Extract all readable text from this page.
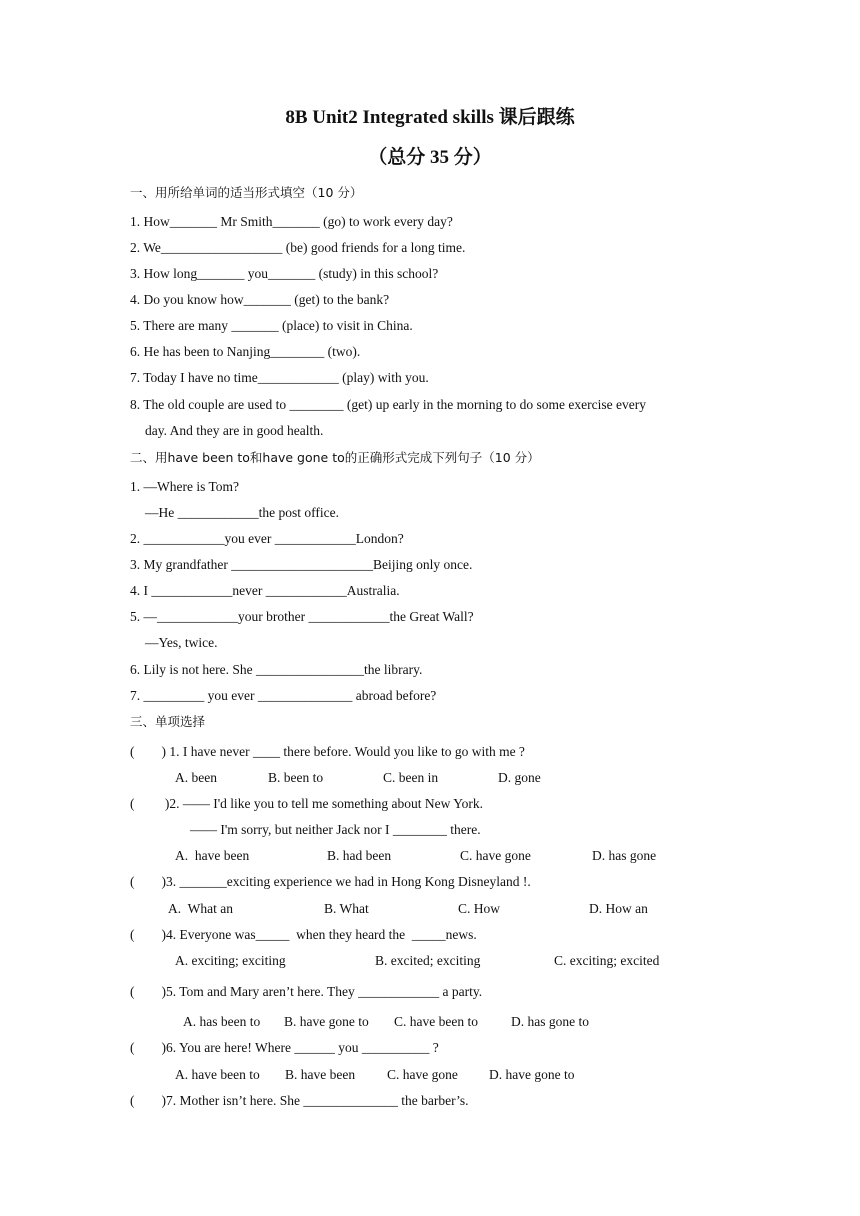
8B Unit2 Integrated skills 课后跟练
（总分 35 分）
一、用所给单词的适当形式填空（10 分）
1. How_______ Mr Smith_______ (go) to work every day?
2. We__________________ (be) good friends for a long time.
3. How long_______ you_______ (study) in this school?
4. Do you know how_______ (get) to the bank?
5. There are many _______ (place) to visit in China.
6. He has been to Nanjing________ (two).
7. Today I have no time____________ (play) with you.
8. The old couple are used to ________ (get) up early in the morning to do some exercise every
day. And they are in good health.
二、用have been to和have gone to的正确形式完成下列句子（10 分）
1. —Where is Tom?
—He ____________the post office.
2. ____________you ever ____________London?
3. My grandfather _____________________Beijing only once.
4. I ____________never ____________Australia.
5. —____________your brother ____________the Great Wall?
—Yes, twice.
6. Lily is not here. She ________________the library.
7. _________ you ever ______________ abroad before?
三、单项选择
(        ) 1. I have never ____ there before. Would you like to go with me ?
A. been	B. been to	C. been in	D. gone
(         )2. —— I'd like you to tell me something about New York.
—— I'm sorry, but neither Jack nor I ________ there.
A.  have been	B. had been	C. have gone	D. has gone
(        )3. _______exciting experience we had in Hong Kong Disneyland !.
A.  What an	B. What	C. How	D. How an
(        )4. Everyone was_____  when they heard the  _____news.
A. exciting; exciting	B. excited; exciting	C. exciting; excited
(        )5. Tom and Mary aren’t here. They ____________ a party.
A. has been to B. have gone to C. have been to D. has gone to
(        )6. You are here! Where ______ you __________ ?
A. have been to B. have been C. have gone D. have gone to
(        )7. Mother isn’t here. She ______________ the barber’s.
